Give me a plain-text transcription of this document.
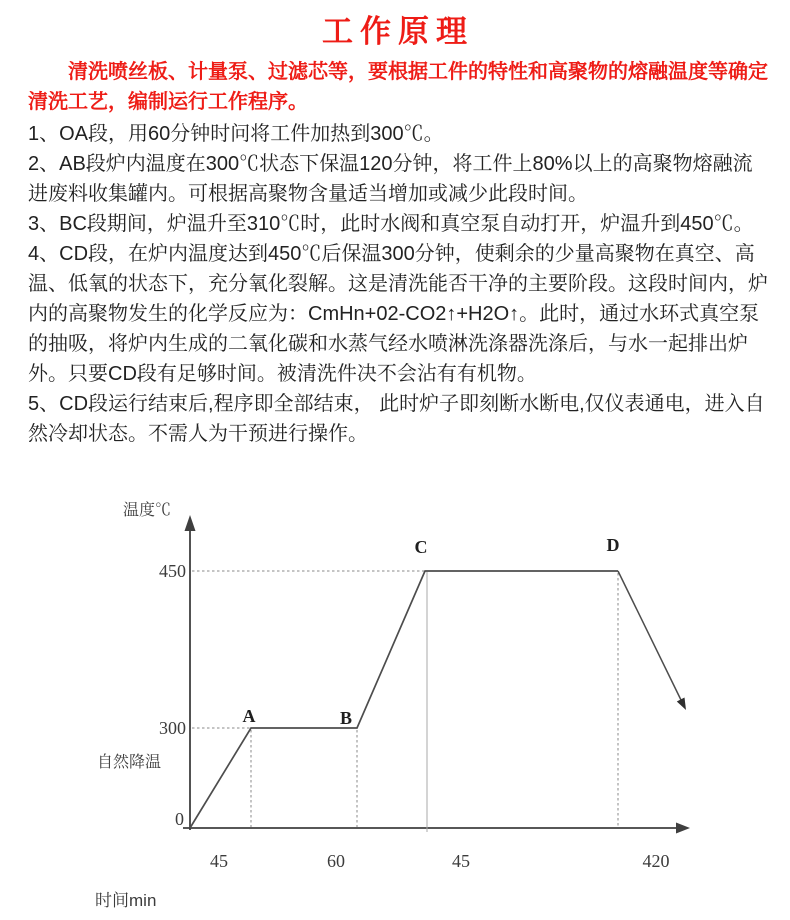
工作原理

清洗喷丝板、计量泵、过滤芯等，要根据工件的特性和高聚物的熔融温度等确定清洗工艺，编制运行工作程序。

1、OA段，用60分钟时问将工件加热到300℃。

2、AB段炉内温度在300℃状态下保温120分钟，将工件上80%以上的高聚物熔融流进废料收集罐内。可根据高聚物含量适当增加或减少此段时间。

3、BC段期间，炉温升至310℃时，此时水阀和真空泵自动打开，炉温升到450℃。

4、CD段，在炉内温度达到450℃后保温300分钟，使剩余的少量高聚物在真空、高温、低氧的状态下，充分氧化裂解。这是清洗能否干净的主要阶段。这段时间内，炉内的高聚物发生的化学反应为：CmHn+02-CO2↑+H2O↑。此时，通过水环式真空泵的抽吸，将炉内生成的二氧化碳和水蒸气经水喷淋洗涤器洗涤后，与水一起排出炉外。只要CD段有足够时间。被清洗件决不会沾有有机物。

5、CD段运行结束后,程序即全部结束， 此时炉子即刻断水断电,仅仪表通电，进入自然冷却状态。不需人为干预进行操作。

温度℃
450
300
0
自然降温
A	B
C	D
45	60	45	420
时间min
